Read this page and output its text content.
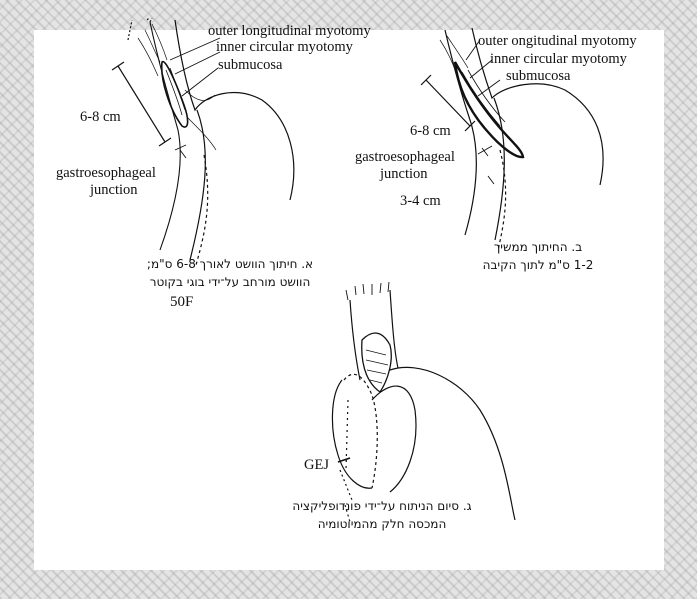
outer longitudinal myotomy
inner circular myotomy
submucosa
6-8 cm
gastroesophageal
junction
א. חיתוך הוושט לאורך 6-8 ס"מ;
הוושט מורחב על־ידי בוגי בקוטר
50F
outer ongitudinal myotomy
inner circular myotomy
submucosa
6-8 cm
gastroesophageal
junction
3-4 cm
ב. החיתוך ממשיך
1-2 ס"מ לתוך הקיבה
GEJ
ג. סיום הניתוח על־ידי פונדופליקציה
המכסה חלק מהמיוטומיה
